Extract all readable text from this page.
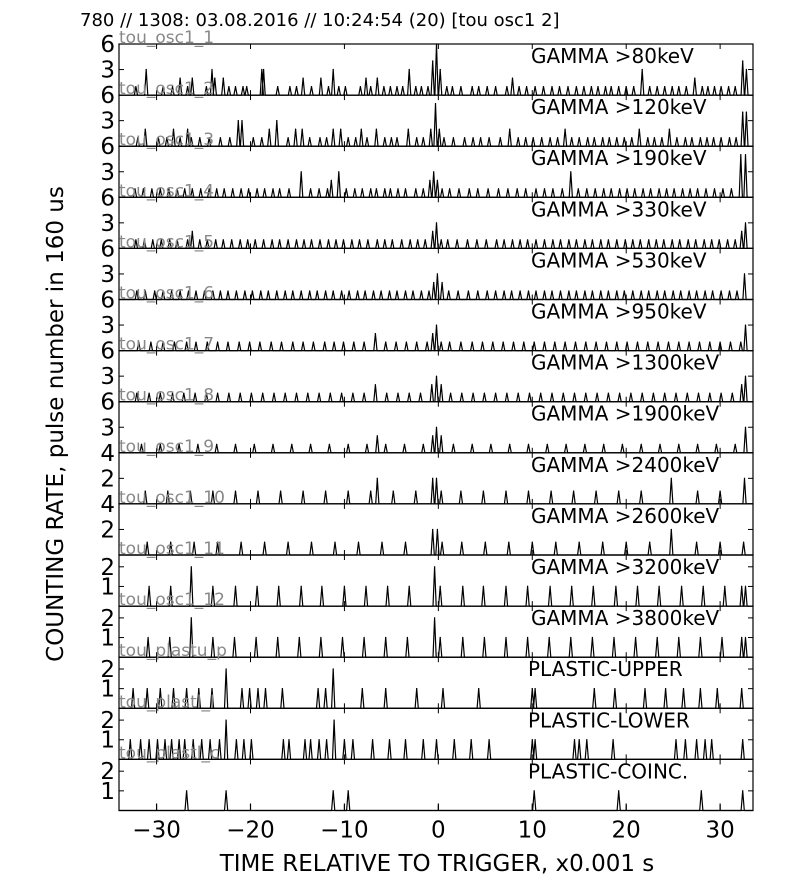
780 // 1308: 03.08.2016 // 10:24:54 (20) [tou osc1 2]
3
6	GAMMA >80keV
tou_osc1_1
3
6	GAMMA >120keV
tou_osc1_2
3
6	GAMMA >190keV
tou_osc1_3
3
6	GAMMA >330keV
tou_osc1_4
3
6	GAMMA >530keV
tou_osc1_5
3
6	GAMMA >950keV
tou_osc1_6
3
6	GAMMA >1300keV
tou_osc1_7
3
6	GAMMA >1900keV
tou_osc1_8
2
4	GAMMA >2400keV
tou_osc1_9
2
4	GAMMA >2600keV
tou_osc1_10
1
2	GAMMA >3200keV
tou_osc1_11
1
2	GAMMA >3800keV
tou_osc1_12
1
2	PLASTIC-UPPER
tou_plastu_p
1
2	PLASTIC-LOWER
tou_plastl_l
1
2	PLASTIC-COINC.
tou_plastl_c
−30 −20 −10	0	10	20	30
TIME RELATIVE TO TRIGGER, x0.001 s
COUNTING RATE, pulse number in 160 us
